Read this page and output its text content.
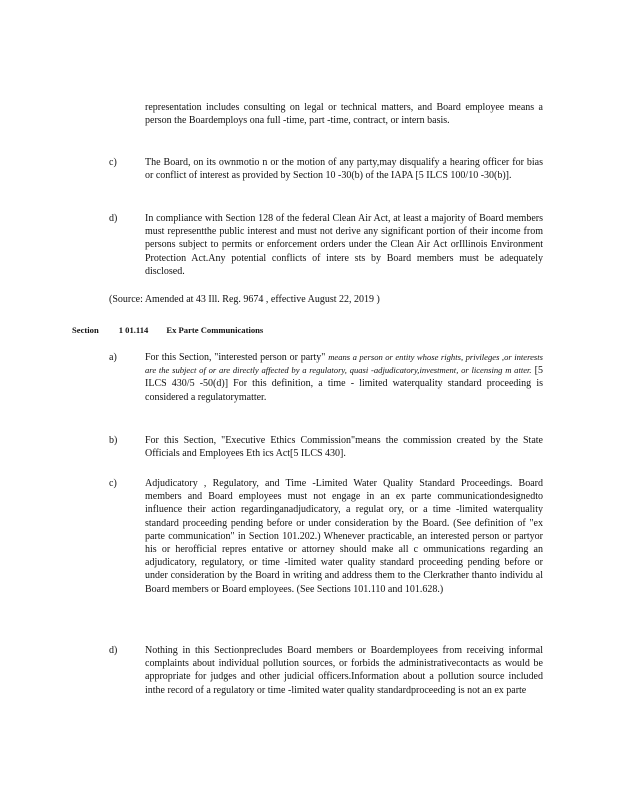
representation includes consulting on legal or technical matters, and Board employee means a person the Boardemploys ona full -time, part -time, contract, or intern basis.
c)	The Board, on its ownmotio n or the motion of any party,may disqualify a hearing officer for bias or conflict of interest as provided by Section 10 -30(b) of the IAPA [5 ILCS 100/10 -30(b)].
d)	In compliance with Section 128 of the federal Clean Air Act, at least a majority of Board members must representthe public interest and must not derive any significant portion of their income from persons subject to permits or enforcement orders under the Clean Air Act orIllinois Environment Protection Act.Any potential conflicts of intere sts by Board members must be adequately disclosed.
(Source: Amended at 43 Ill. Reg. 9674 , effective August 22, 2019 )
Section 1 01.114 Ex Parte Communications
a)	For this Section, "interested person or party" means a person or entity whose rights, privileges ,or interests are the subject of or are directly affected by a regulatory, quasi -adjudicatory,investment, or licensing m atter. [5 ILCS 430/5 -50(d)] For this definition, a time - limited waterquality standard proceeding is considered a regulatorymatter.
b)	For this Section, "Executive Ethics Commission"means the commission created by the State Officials and Employees Eth ics Act[5 ILCS 430].
c)	Adjudicatory , Regulatory, and Time -Limited Water Quality Standard Proceedings. Board members and Board employees must not engage in an ex parte communicationdesignedto influence their action regardinganadjudicatory, a regulat ory, or a time -limited waterquality standard proceeding pending before or under consideration by the Board. (See definition of "ex parte communication" in Section 101.202.) Whenever practicable, an interested person or partyor his or herofficial repres entative or attorney should make all c ommunications regarding an adjudicatory, regulatory, or time -limited water quality standard proceeding pending before or under consideration by the Board in writing and address them to the Clerkrather thanto individu al Board members or Board employees. (See Sections 101.110 and 101.628.)
d)	Nothing in this Sectionprecludes Board members or Boardemployees from receiving informal complaints about individual pollution sources, or forbids the administrativecontacts as would be appropriate for judges and other judicial officers.Information about a pollution source included inthe record of a regulatory or time -limited water quality standardproceeding is not an ex parte
